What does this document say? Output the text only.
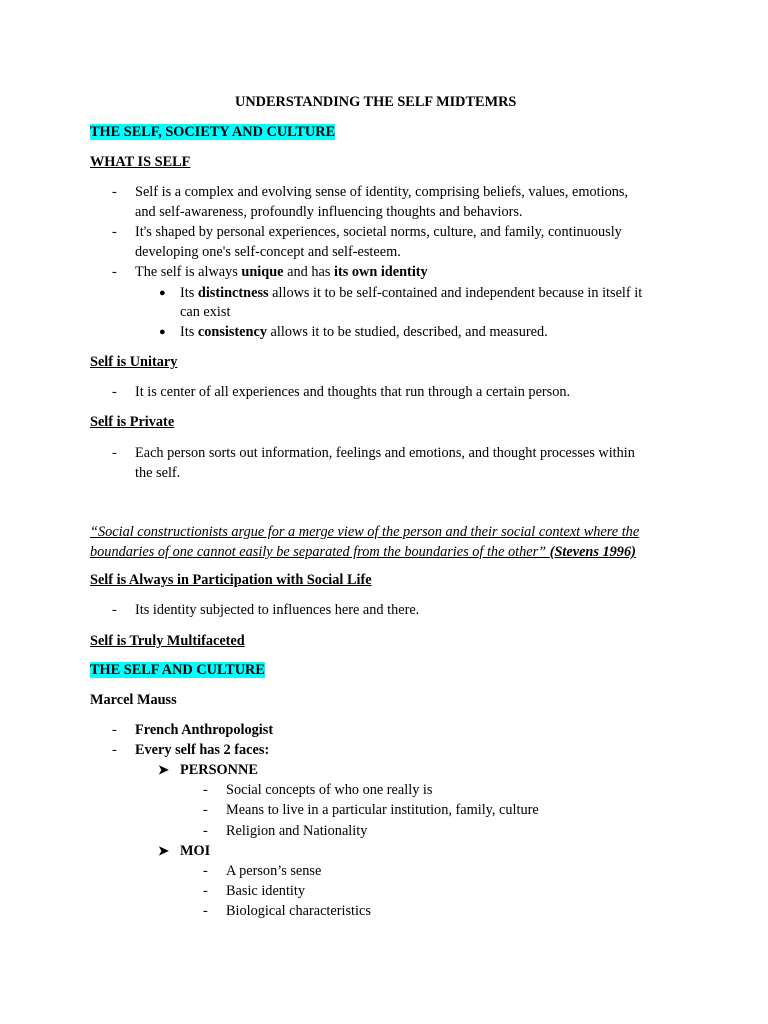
UNDERSTANDING THE SELF MIDTEMRS
THE SELF, SOCIETY AND CULTURE
WHAT IS SELF
- Self is a complex and evolving sense of identity, comprising beliefs, values, emotions,
and self-awareness, profoundly influencing thoughts and behaviors.
- It's shaped by personal experiences, societal norms, culture, and family, continuously
developing one's self-concept and self-esteem.
- The self is always unique and has its own identity
● Its distinctness allows it to be self-contained and independent because in itself it
can exist
● Its consistency allows it to be studied, described, and measured.
Self is Unitary
- It is center of all experiences and thoughts that run through a certain person.
Self is Private
- Each person sorts out information, feelings and emotions, and thought processes within
the self.
“Social constructionists argue for a merge view of the person and their social context where the
boundaries of one cannot easily be separated from the boundaries of the other” (Stevens 1996)
Self is Always in Participation with Social Life
- Its identity subjected to influences here and there.
Self is Truly Multifaceted
THE SELF AND CULTURE
Marcel Mauss
- French Anthropologist
- Every self has 2 faces:
➤ PERSONNE
- Social concepts of who one really is
- Means to live in a particular institution, family, culture
- Religion and Nationality
➤ MOI
- A person’s sense
- Basic identity
- Biological characteristics
